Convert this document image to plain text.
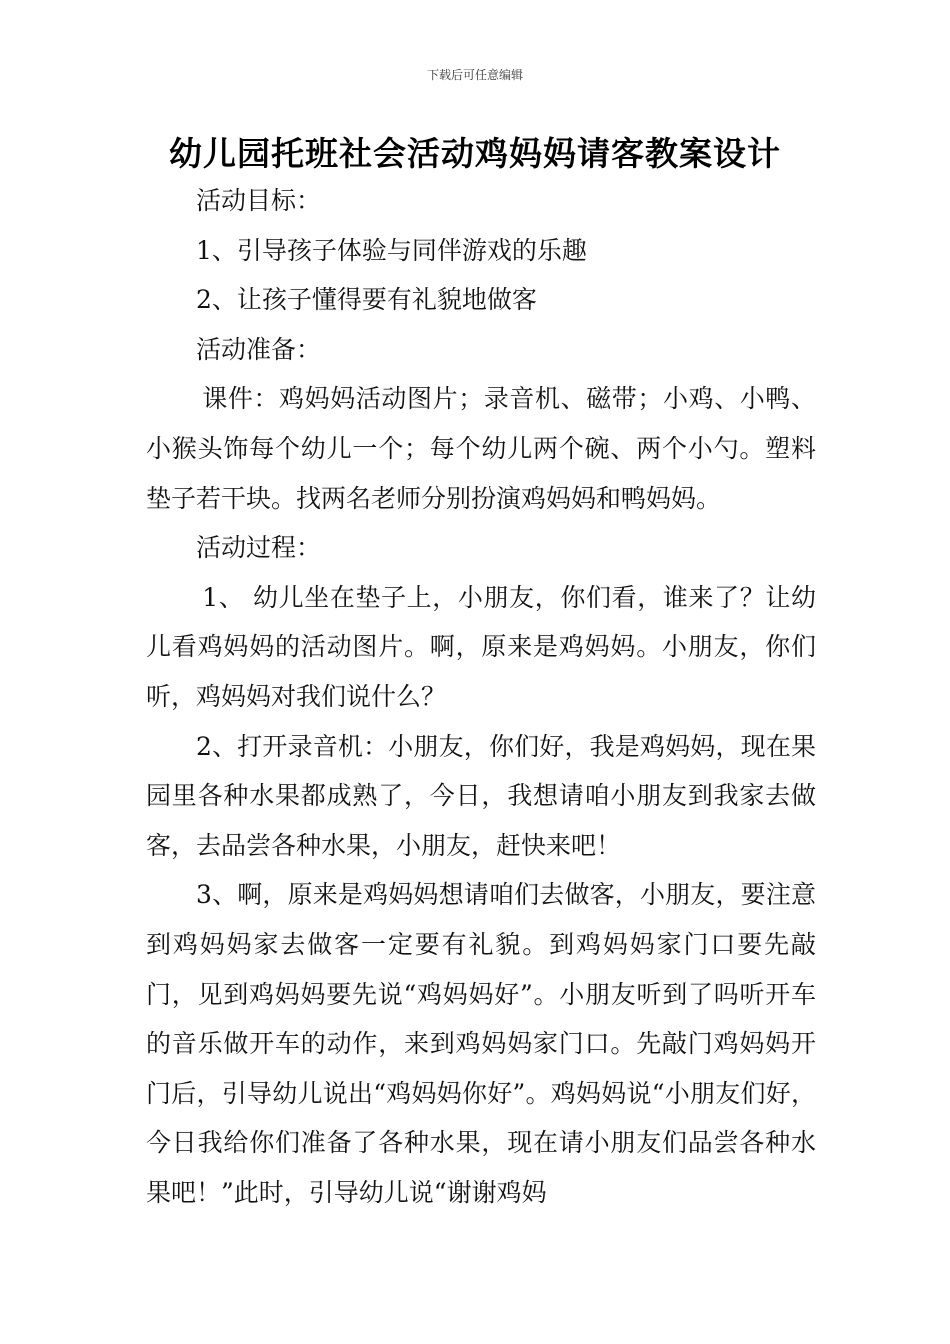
下载后可任意编辑
幼儿园托班社会活动鸡妈妈请客教案设计

活动目标：

1、引导孩子体验与同伴游戏的乐趣

2、让孩子懂得要有礼貌地做客

活动准备：

课件：鸡妈妈活动图片；录音机、磁带；小鸡、小鸭、小猴头饰每个幼儿一个；每个幼儿两个碗、两个小勺。塑料垫子若干块。找两名老师分别扮演鸡妈妈和鸭妈妈。

活动过程：

1、 幼儿坐在垫子上，小朋友，你们看，谁来了？让幼儿看鸡妈妈的活动图片。啊，原来是鸡妈妈。小朋友，你们听，鸡妈妈对我们说什么？

2、打开录音机：小朋友，你们好，我是鸡妈妈，现在果园里各种水果都成熟了，今日，我想请咱小朋友到我家去做客，去品尝各种水果，小朋友，赶快来吧！

3、啊，原来是鸡妈妈想请咱们去做客，小朋友，要注意到鸡妈妈家去做客一定要有礼貌。到鸡妈妈家门口要先敲门，见到鸡妈妈要先说“鸡妈妈好”。小朋友听到了吗听开车的音乐做开车的动作，来到鸡妈妈家门口。先敲门鸡妈妈开门后，引导幼儿说出“鸡妈妈你好”。鸡妈妈说“小朋友们好，今日我给你们准备了各种水果，现在请小朋友们品尝各种水果吧！”此时，引导幼儿说“谢谢鸡妈
